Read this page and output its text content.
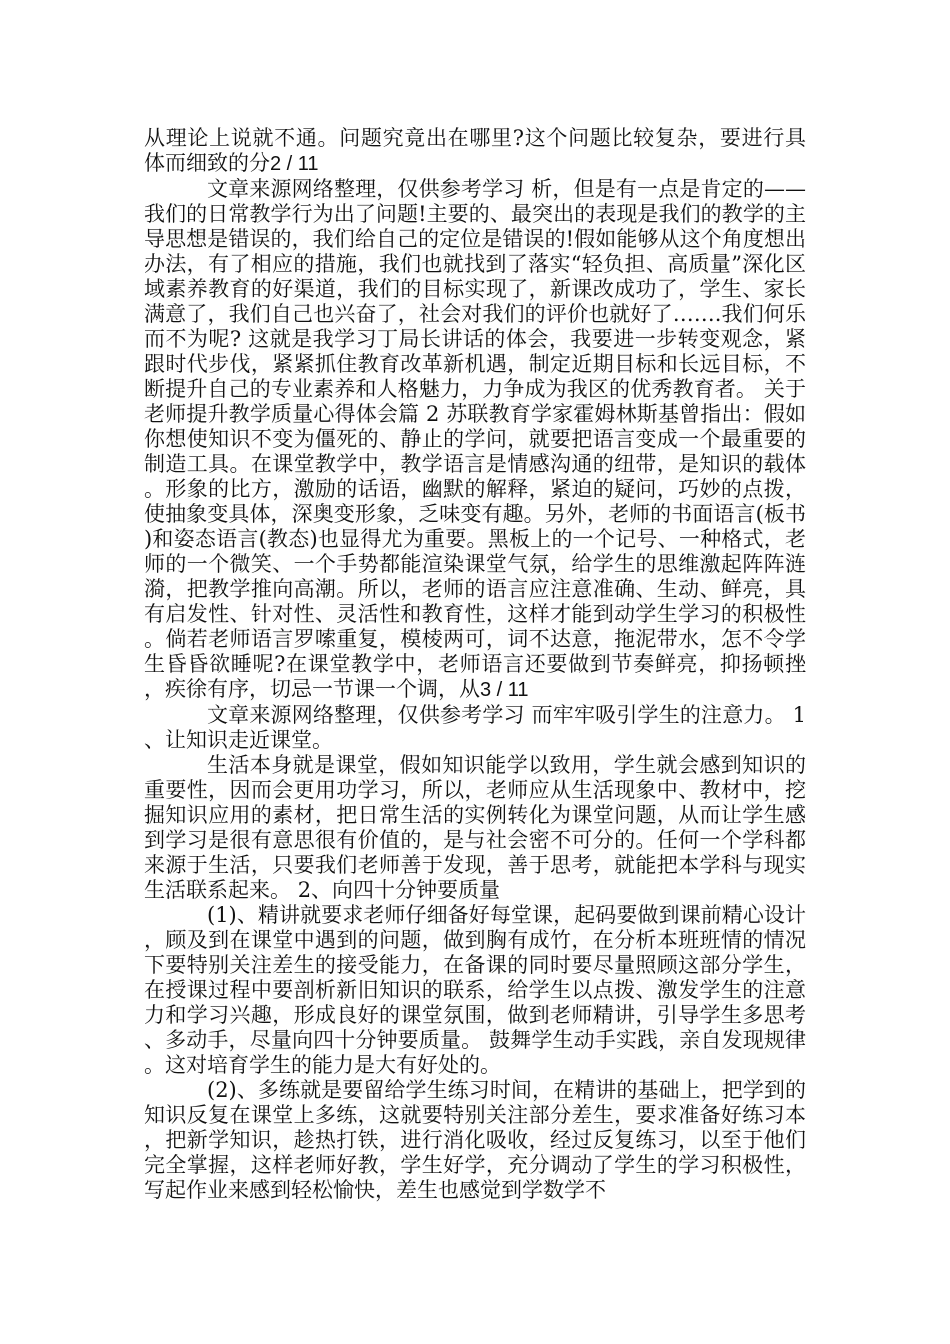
从理论上说就不通。问题究竟出在哪里?这个问题比较复杂，要进行具体而细致的分2 / 11

文章来源网络整理，仅供参考学习 析，但是有一点是肯定的——我们的日常教学行为出了问题!主要的、最突出的表现是我们的教学的主导思想是错误的，我们给自己的定位是错误的!假如能够从这个角度想出办法，有了相应的措施，我们也就找到了落实“轻负担、高质量”深化区域素养教育的好渠道，我们的目标实现了，新课改成功了，学生、家长满意了，我们自己也兴奋了，社会对我们的评价也就好了…….我们何乐而不为呢? 这就是我学习丁局长讲话的体会，我要进一步转变观念，紧跟时代步伐，紧紧抓住教育改革新机遇，制定近期目标和长远目标，不断提升自己的专业素养和人格魅力，力争成为我区的优秀教育者。 关于老师提升教学质量心得体会篇 2 苏联教育学家霍姆林斯基曾指出：假如你想使知识不变为僵死的、静止的学问，就要把语言变成一个最重要的制造工具。在课堂教学中，教学语言是情感沟通的纽带，是知识的载体。形象的比方，激励的话语，幽默的解释，紧迫的疑问，巧妙的点拨，使抽象变具体，深奥变形象，乏味变有趣。另外，老师的书面语言(板书)和姿态语言(教态)也显得尤为重要。黑板上的一个记号、一种格式，老师的一个微笑、一个手势都能渲染课堂气氛，给学生的思维激起阵阵涟漪，把教学推向高潮。所以，老师的语言应注意准确、生动、鲜亮，具有启发性、针对性、灵活性和教育性，这样才能到动学生学习的积极性。倘若老师语言罗嗦重复，模棱两可，词不达意，拖泥带水，怎不令学生昏昏欲睡呢?在课堂教学中，老师语言还要做到节奏鲜亮，抑扬顿挫，疾徐有序，切忌一节课一个调，从3 / 11

文章来源网络整理，仅供参考学习 而牢牢吸引学生的注意力。 1、让知识走近课堂。

生活本身就是课堂，假如知识能学以致用，学生就会感到知识的重要性，因而会更用功学习，所以，老师应从生活现象中、教材中，挖掘知识应用的素材，把日常生活的实例转化为课堂问题，从而让学生感到学习是很有意思很有价值的，是与社会密不可分的。任何一个学科都来源于生活，只要我们老师善于发现，善于思考，就能把本学科与现实生活联系起来。 2、向四十分钟要质量

(1)、精讲就要求老师仔细备好每堂课，起码要做到课前精心设计，顾及到在课堂中遇到的问题，做到胸有成竹，在分析本班班情的情况下要特别关注差生的接受能力，在备课的同时要尽量照顾这部分学生，在授课过程中要剖析新旧知识的联系，给学生以点拨、激发学生的注意力和学习兴趣，形成良好的课堂氛围，做到老师精讲，引导学生多思考、多动手，尽量向四十分钟要质量。 鼓舞学生动手实践，亲自发现规律。这对培育学生的能力是大有好处的。

(2)、多练就是要留给学生练习时间，在精讲的基础上，把学到的知识反复在课堂上多练，这就要特别关注部分差生，要求准备好练习本，把新学知识，趁热打铁，进行消化吸收，经过反复练习，以至于他们完全掌握，这样老师好教，学生好学，充分调动了学生的学习积极性，写起作业来感到轻松愉快，差生也感觉到学数学不
